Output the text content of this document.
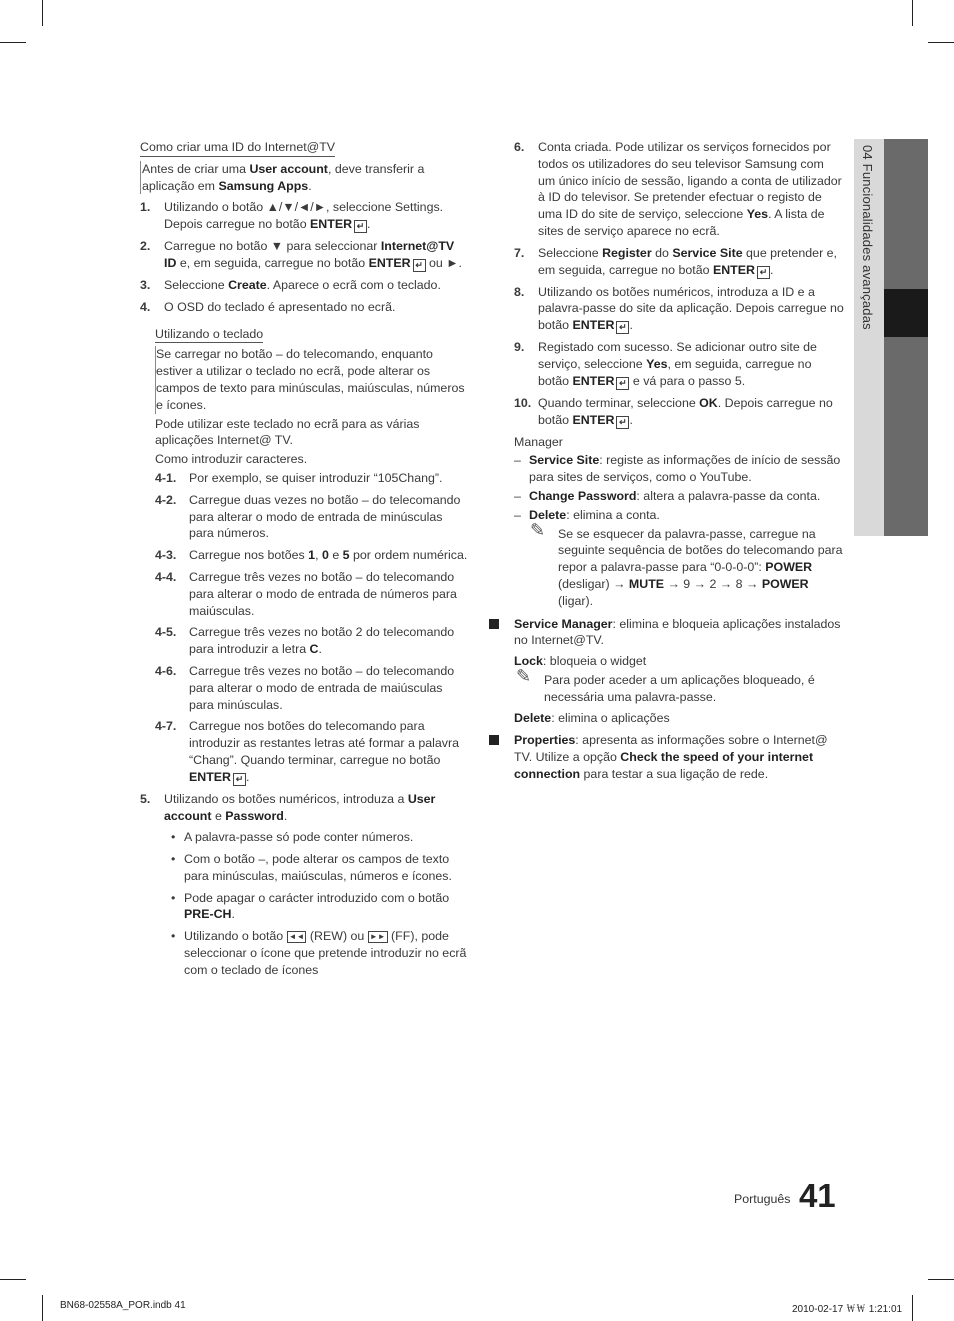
04 Funcionalidades avançadas
Como criar uma ID do Internet@TV
Antes de criar uma User account, deve transferir a aplicação em Samsung Apps.
1. Utilizando o botão ▲/▼/◄/►, seleccione Settings. Depois carregue no botão ENTER ↵ .
2. Carregue no botão ▼ para seleccionar Internet@TV ID e, em seguida, carregue no botão ENTER ↵ ou ►.
3. Seleccione Create. Aparece o ecrã com o teclado.
4. O OSD do teclado é apresentado no ecrã.
Utilizando o teclado
Se carregar no botão – do telecomando, enquanto estiver a utilizar o teclado no ecrã, pode alterar os campos de texto para minúsculas, maiúsculas, números e ícones.
Pode utilizar este teclado no ecrã para as várias aplicações Internet@ TV.
Como introduzir caracteres.
4-1. Por exemplo, se quiser introduzir “105Chang”.
4-2. Carregue duas vezes no botão – do telecomando para alterar o modo de entrada de minúsculas para números.
4-3. Carregue nos botões 1, 0 e 5 por ordem numérica.
4-4. Carregue três vezes no botão – do telecomando para alterar o modo de entrada de números para maiúsculas.
4-5. Carregue três vezes no botão 2 do telecomando para introduzir a letra C.
4-6. Carregue três vezes no botão – do telecomando para alterar o modo de entrada de maiúsculas para minúsculas.
4-7. Carregue nos botões do telecomando para introduzir as restantes letras até formar a palavra “Chang”. Quando terminar, carregue no botão ENTER ↵ .
5. Utilizando os botões numéricos, introduza a User account e Password.
• A palavra-passe só pode conter números.
• Com o botão –, pode alterar os campos de texto para minúsculas, maiúsculas, números e ícones.
• Pode apagar o carácter introduzido com o botão PRE-CH.
• Utilizando o botão ◄◄ (REW) ou ►► (FF), pode seleccionar o ícone que pretende introduzir no ecrã com o teclado de ícones
6. Conta criada. Pode utilizar os serviços fornecidos por todos os utilizadores do seu televisor Samsung com um único início de sessão, ligando a conta de utilizador à ID do televisor. Se pretender efectuar o registo de uma ID do site de serviço, seleccione Yes. A lista de sites de serviço aparece no ecrã.
7. Seleccione Register do Service Site que pretender e, em seguida, carregue no botão ENTER ↵ .
8. Utilizando os botões numéricos, introduza a ID e a palavra-passe do site da aplicação. Depois carregue no botão ENTER ↵ .
9. Registado com sucesso. Se adicionar outro site de serviço, seleccione Yes, em seguida, carregue no botão ENTER ↵ e vá para o passo 5.
10. Quando terminar, seleccione OK. Depois carregue no botão ENTER ↵ .
Manager
– Service Site: registe as informações de início de sessão para sites de serviços, como o YouTube.
– Change Password: altera a palavra-passe da conta.
– Delete: elimina a conta.
✎ Se se esquecer da palavra-passe, carregue na seguinte sequência de botões do telecomando para repor a palavra-passe para “0-0-0-0”: POWER (desligar) → MUTE → 9 → 2 → 8 → POWER (ligar).
Service Manager: elimina e bloqueia aplicações instalados no Internet@TV.
Lock: bloqueia o widget
✎ Para poder aceder a um aplicações bloqueado, é necessária uma palavra-passe.
Delete: elimina o aplicações
Properties: apresenta as informações sobre o Internet@ TV. Utilize a opção Check the speed of your internet connection para testar a sua ligação de rede.
$^{Português}$ 41
BN68-02558A_POR.indb 41	2010-02-17 ￦￦ 1:21:01
